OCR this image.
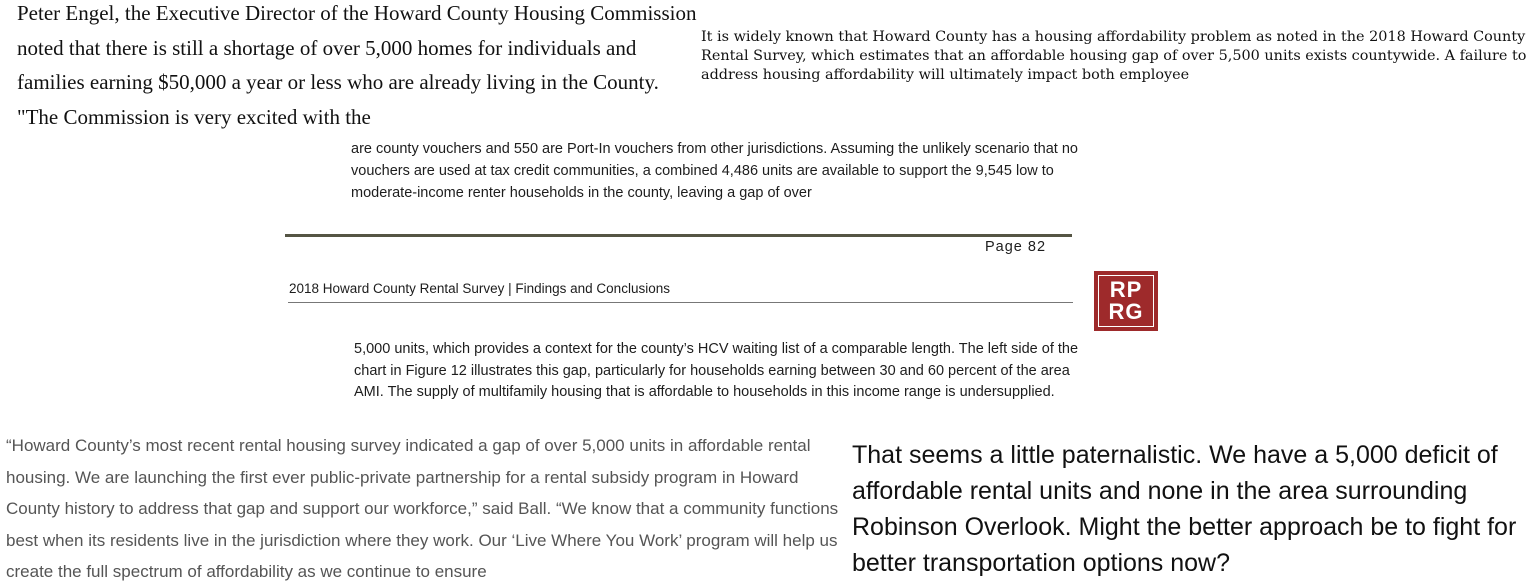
Peter Engel, the Executive Director of the Howard County Housing Commission noted that there is still a shortage of over 5,000 homes for individuals and families earning $50,000 a year or less who are already living in the County. "The Commission is very excited with the

It is widely known that Howard County has a housing affordability problem as noted in the 2018 Howard County Rental Survey, which estimates that an affordable housing gap of over 5,500 units exists countywide. A failure to address housing affordability will ultimately impact both employee

are county vouchers and 550 are Port-In vouchers from other jurisdictions. Assuming the unlikely scenario that no vouchers are used at tax credit communities, a combined 4,486 units are available to support the 9,545 low to moderate-income renter households in the county, leaving a gap of over

Page 82
2018 Howard County Rental Survey | Findings and Conclusions	RP
RG

5,000 units, which provides a context for the county’s HCV waiting list of a comparable length. The left side of the chart in Figure 12 illustrates this gap, particularly for households earning between 30 and 60 percent of the area AMI. The supply of multifamily housing that is affordable to households in this income range is undersupplied.

“Howard County’s most recent rental housing survey indicated a gap of over 5,000 units in affordable rental housing. We are launching the first ever public-private partnership for a rental subsidy program in Howard County history to address that gap and support our workforce,” said Ball. “We know that a community functions best when its residents live in the jurisdiction where they work. Our ‘Live Where You Work’ program will help us create the full spectrum of affordability as we continue to ensure

That seems a little paternalistic. We have a 5,000 deficit of affordable rental units and none in the area surrounding Robinson Overlook. Might the better approach be to fight for better transportation options now?
